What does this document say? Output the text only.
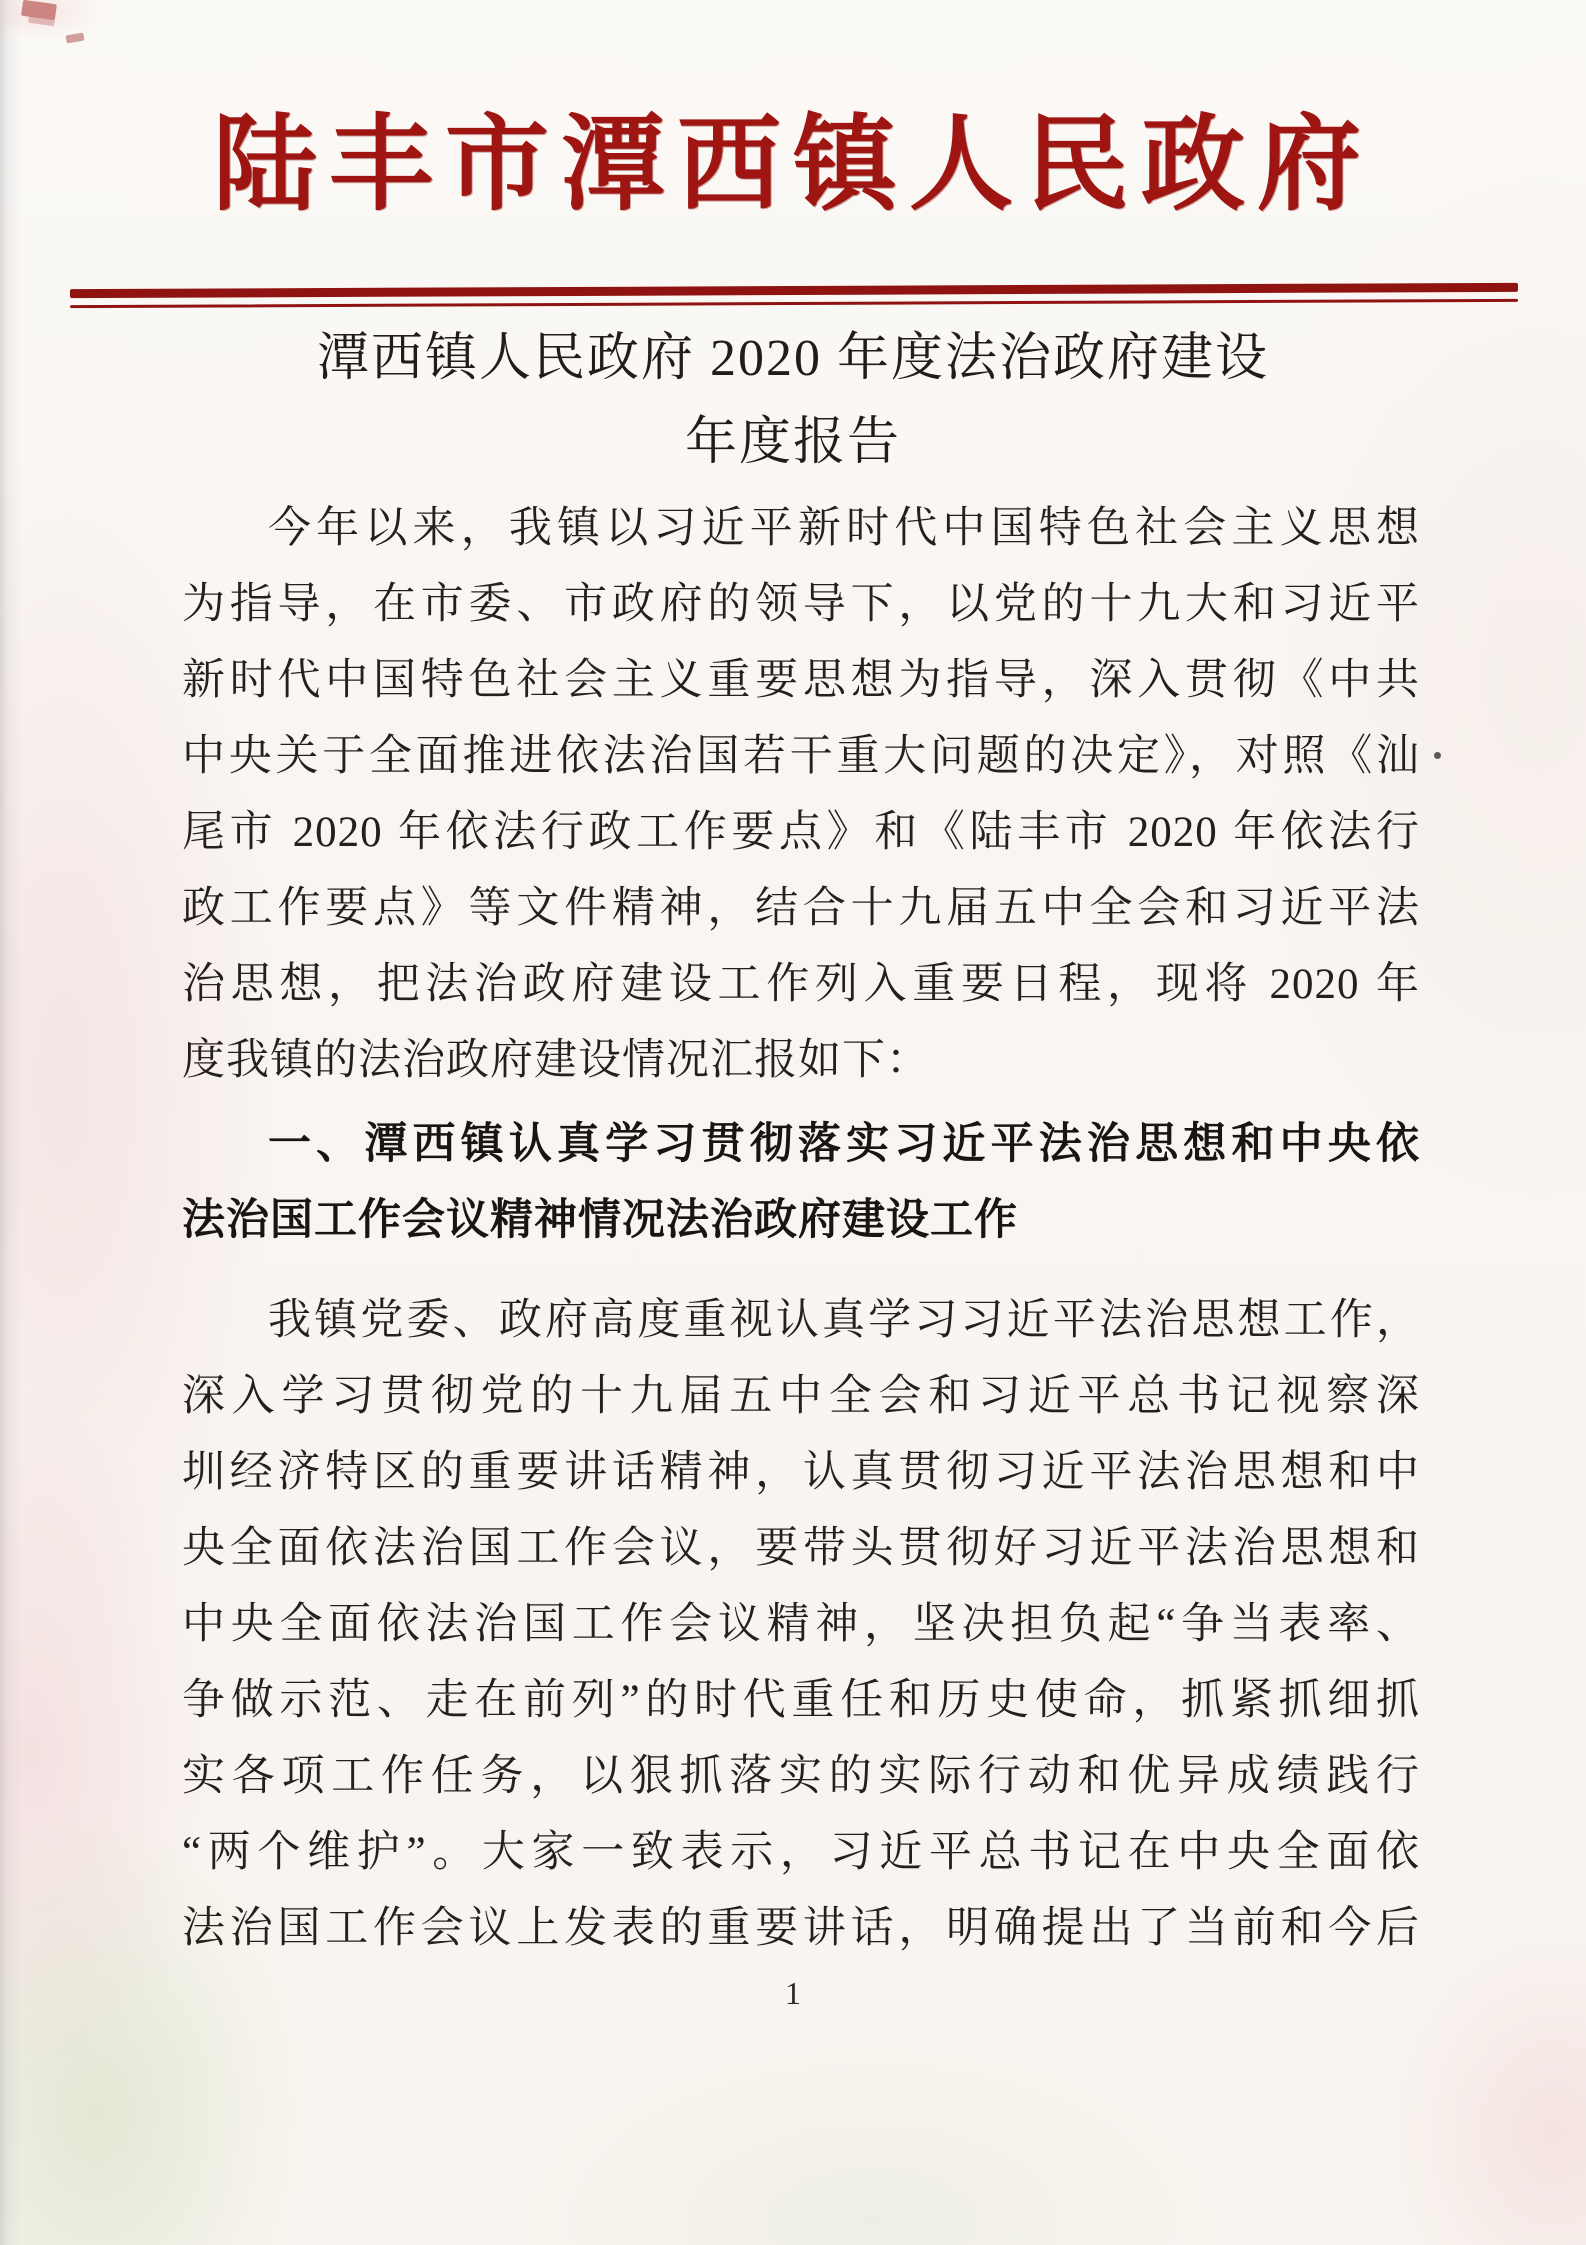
陆丰市潭西镇人民政府
潭西镇人民政府 2020 年度法治政府建设
年度报告
今年以来，我镇以习近平新时代中国特色社会主义思想
为指导，在市委、市政府的领导下，以党的十九大和习近平
新时代中国特色社会主义重要思想为指导，深入贯彻《中共
中央关于全面推进依法治国若干重大问题的决定》，对照《汕
尾市 2020 年依法行政工作要点》和《陆丰市 2020 年依法行
政工作要点》等文件精神，结合十九届五中全会和习近平法
治思想，把法治政府建设工作列入重要日程，现将 2020 年
度我镇的法治政府建设情况汇报如下：
一、潭西镇认真学习贯彻落实习近平法治思想和中央依
法治国工作会议精神情况法治政府建设工作
我镇党委、政府高度重视认真学习习近平法治思想工作，
深入学习贯彻党的十九届五中全会和习近平总书记视察深
圳经济特区的重要讲话精神，认真贯彻习近平法治思想和中
央全面依法治国工作会议，要带头贯彻好习近平法治思想和
中央全面依法治国工作会议精神，坚决担负起“争当表率、
争做示范、走在前列”的时代重任和历史使命，抓紧抓细抓
实各项工作任务，以狠抓落实的实际行动和优异成绩践行
“两个维护”。大家一致表示，习近平总书记在中央全面依
法治国工作会议上发表的重要讲话，明确提出了当前和今后
1
